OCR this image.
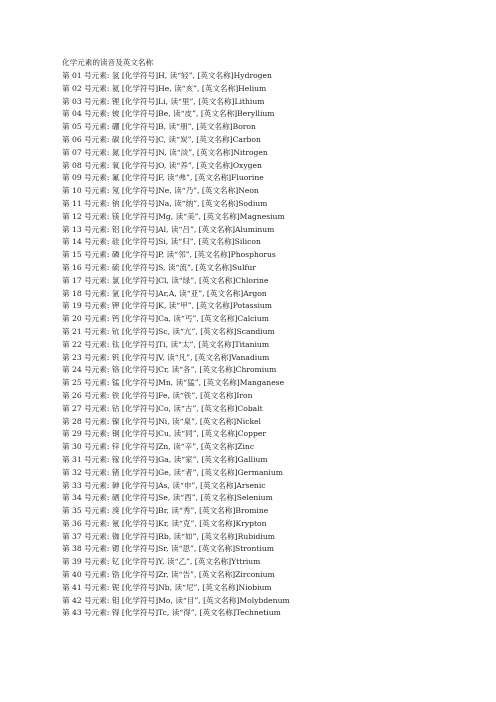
化学元素的读音及英文名称
第 01 号元素: 氢 [化学符号]H, 读“轻”, [英文名称]Hydrogen
第 02 号元素: 氦 [化学符号]He, 读“亥”, [英文名称]Helium
第 03 号元素: 锂 [化学符号]Li, 读“里”, [英文名称]Lithium
第 04 号元素: 铍 [化学符号]Be, 读“皮”, [英文名称]Beryllium
第 05 号元素: 硼 [化学符号]B, 读“朋”, [英文名称]Boron
第 06 号元素: 碳 [化学符号]C, 读“炭”, [英文名称]Carbon
第 07 号元素: 氮 [化学符号]N, 读“淡”, [英文名称]Nitrogen
第 08 号元素: 氧 [化学符号]O, 读“养”, [英文名称]Oxygen
第 09 号元素: 氟 [化学符号]F, 读“弗”, [英文名称]Fluorine
第 10 号元素: 氖 [化学符号]Ne, 读“乃”, [英文名称]Neon
第 11 号元素: 钠 [化学符号]Na, 读“纳”, [英文名称]Sodium
第 12 号元素: 镁 [化学符号]Mg, 读“美”, [英文名称]Magnesium
第 13 号元素: 铝 [化学符号]Al, 读“吕”, [英文名称]Aluminum
第 14 号元素: 硅 [化学符号]Si, 读“归”, [英文名称]Silicon
第 15 号元素: 磷 [化学符号]P, 读“邻”, [英文名称]Phosphorus
第 16 号元素: 硫 [化学符号]S, 读“流”, [英文名称]Sulfur
第 17 号元素: 氯 [化学符号]Cl, 读“绿”, [英文名称]Chlorine
第 18 号元素: 氩 [化学符号]Ar,A, 读“亚”, [英文名称]Argon
第 19 号元素: 钾 [化学符号]K, 读“甲”, [英文名称]Potassium
第 20 号元素: 钙 [化学符号]Ca, 读“丐”, [英文名称]Calcium
第 21 号元素: 钪 [化学符号]Sc, 读“亢”, [英文名称]Scandium
第 22 号元素: 钛 [化学符号]Ti, 读“太”, [英文名称]Titanium
第 23 号元素: 钒 [化学符号]V, 读“凡”, [英文名称]Vanadium
第 24 号元素: 铬 [化学符号]Cr, 读“各”, [英文名称]Chromium
第 25 号元素: 锰 [化学符号]Mn, 读“猛”, [英文名称]Manganese
第 26 号元素: 铁 [化学符号]Fe, 读“铁”, [英文名称]Iron
第 27 号元素: 钴 [化学符号]Co, 读“古”, [英文名称]Cobalt
第 28 号元素: 镍 [化学符号]Ni, 读“臬”, [英文名称]Nickel
第 29 号元素: 铜 [化学符号]Cu, 读“同”, [英文名称]Copper
第 30 号元素: 锌 [化学符号]Zn, 读“辛”, [英文名称]Zinc
第 31 号元素: 镓 [化学符号]Ga, 读“家”, [英文名称]Gallium
第 32 号元素: 锗 [化学符号]Ge, 读“者”, [英文名称]Germanium
第 33 号元素: 砷 [化学符号]As, 读“申”, [英文名称]Arsenic
第 34 号元素: 硒 [化学符号]Se, 读“西”, [英文名称]Selenium
第 35 号元素: 溴 [化学符号]Br, 读“秀”, [英文名称]Bromine
第 36 号元素: 氪 [化学符号]Kr, 读“克”, [英文名称]Krypton
第 37 号元素: 铷 [化学符号]Rb, 读“如”, [英文名称]Rubidium
第 38 号元素: 锶 [化学符号]Sr, 读“思”, [英文名称]Strontium
第 39 号元素: 钇 [化学符号]Y, 读“乙”, [英文名称]Yttrium
第 40 号元素: 锆 [化学符号]Zr, 读“告”, [英文名称]Zirconium
第 41 号元素: 铌 [化学符号]Nb, 读“尼”, [英文名称]Niobium
第 42 号元素: 钼 [化学符号]Mo, 读“目”, [英文名称]Molybdenum
第 43 号元素: 锝 [化学符号]Tc, 读“得”, [英文名称]Technetium
